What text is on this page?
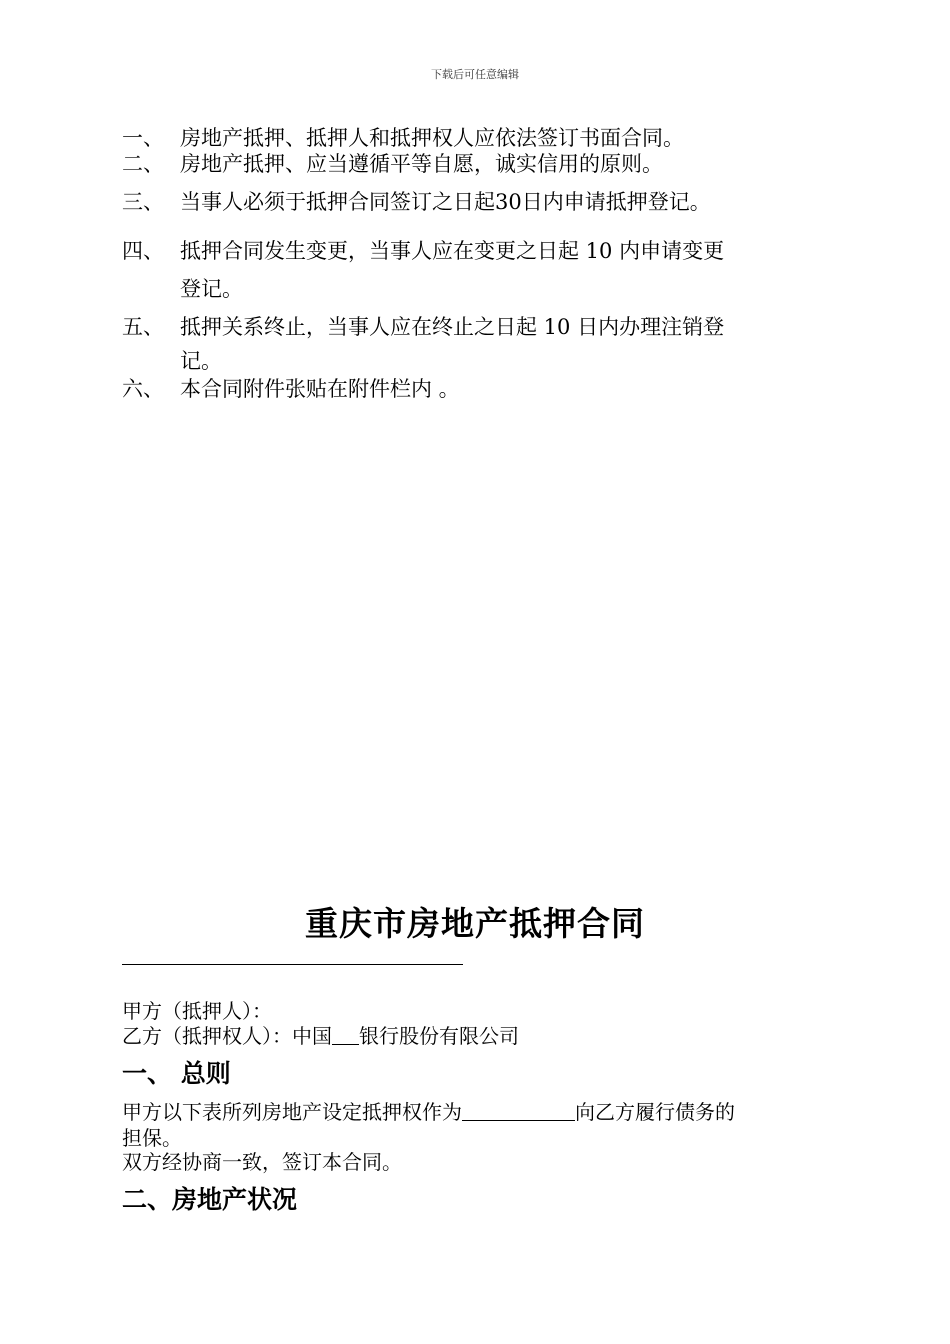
下载后可任意编辑
一、 房地产抵押、抵押人和抵押权人应依法签订书面合同。
二、 房地产抵押、应当遵循平等自愿，诚实信用的原则。
三、 当事人必须于抵押合同签订之日起30日内申请抵押登记。
四、 抵押合同发生变更，当事人应在变更之日起 10 内申请变更
登记。
五、 抵押关系终止，当事人应在终止之日起 10 日内办理注销登
记。
六、 本合同附件张贴在附件栏内 。
重庆市房地产抵押合同
甲方（抵押人）：
乙方（抵押权人）：中国 银行股份有限公司
一、 总则
甲方以下表所列房地产设定抵押权作为	向乙方履行债务的
担保。
双方经协商一致，签订本合同。
二、房地产状况
